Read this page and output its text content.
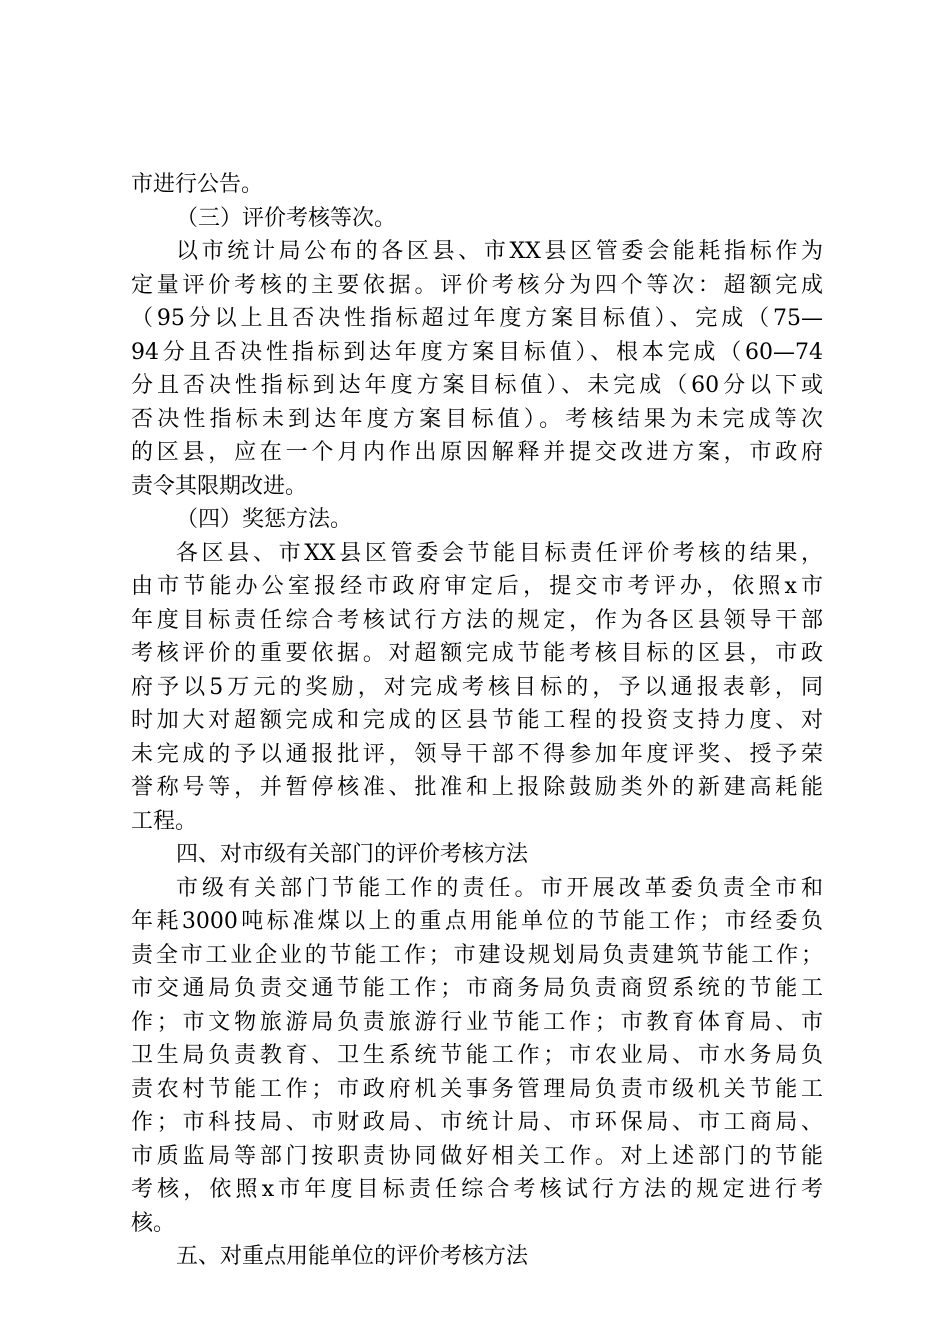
市进行公告。
（三）评价考核等次。
以市统计局公布的各区县、市XX县区管委会能耗指标作为
定量评价考核的主要依据。评价考核分为四个等次：超额完成
（95分以上且否决性指标超过年度方案目标值）、完成（75—
94分且否决性指标到达年度方案目标值）、根本完成（60—74
分且否决性指标到达年度方案目标值）、未完成（60分以下或
否决性指标未到达年度方案目标值）。考核结果为未完成等次
的区县，应在一个月内作出原因解释并提交改进方案，市政府
责令其限期改进。
（四）奖惩方法。
各区县、市XX县区管委会节能目标责任评价考核的结果，
由市节能办公室报经市政府审定后，提交市考评办，依照x市
年度目标责任综合考核试行方法的规定，作为各区县领导干部
考核评价的重要依据。对超额完成节能考核目标的区县，市政
府予以5万元的奖励，对完成考核目标的，予以通报表彰，同
时加大对超额完成和完成的区县节能工程的投资支持力度、对
未完成的予以通报批评，领导干部不得参加年度评奖、授予荣
誉称号等，并暂停核准、批准和上报除鼓励类外的新建高耗能
工程。
四、对市级有关部门的评价考核方法
市级有关部门节能工作的责任。市开展改革委负责全市和
年耗3000吨标准煤以上的重点用能单位的节能工作；市经委负
责全市工业企业的节能工作；市建设规划局负责建筑节能工作；
市交通局负责交通节能工作；市商务局负责商贸系统的节能工
作；市文物旅游局负责旅游行业节能工作；市教育体育局、市
卫生局负责教育、卫生系统节能工作；市农业局、市水务局负
责农村节能工作；市政府机关事务管理局负责市级机关节能工
作；市科技局、市财政局、市统计局、市环保局、市工商局、
市质监局等部门按职责协同做好相关工作。对上述部门的节能
考核，依照x市年度目标责任综合考核试行方法的规定进行考
核。
五、对重点用能单位的评价考核方法
